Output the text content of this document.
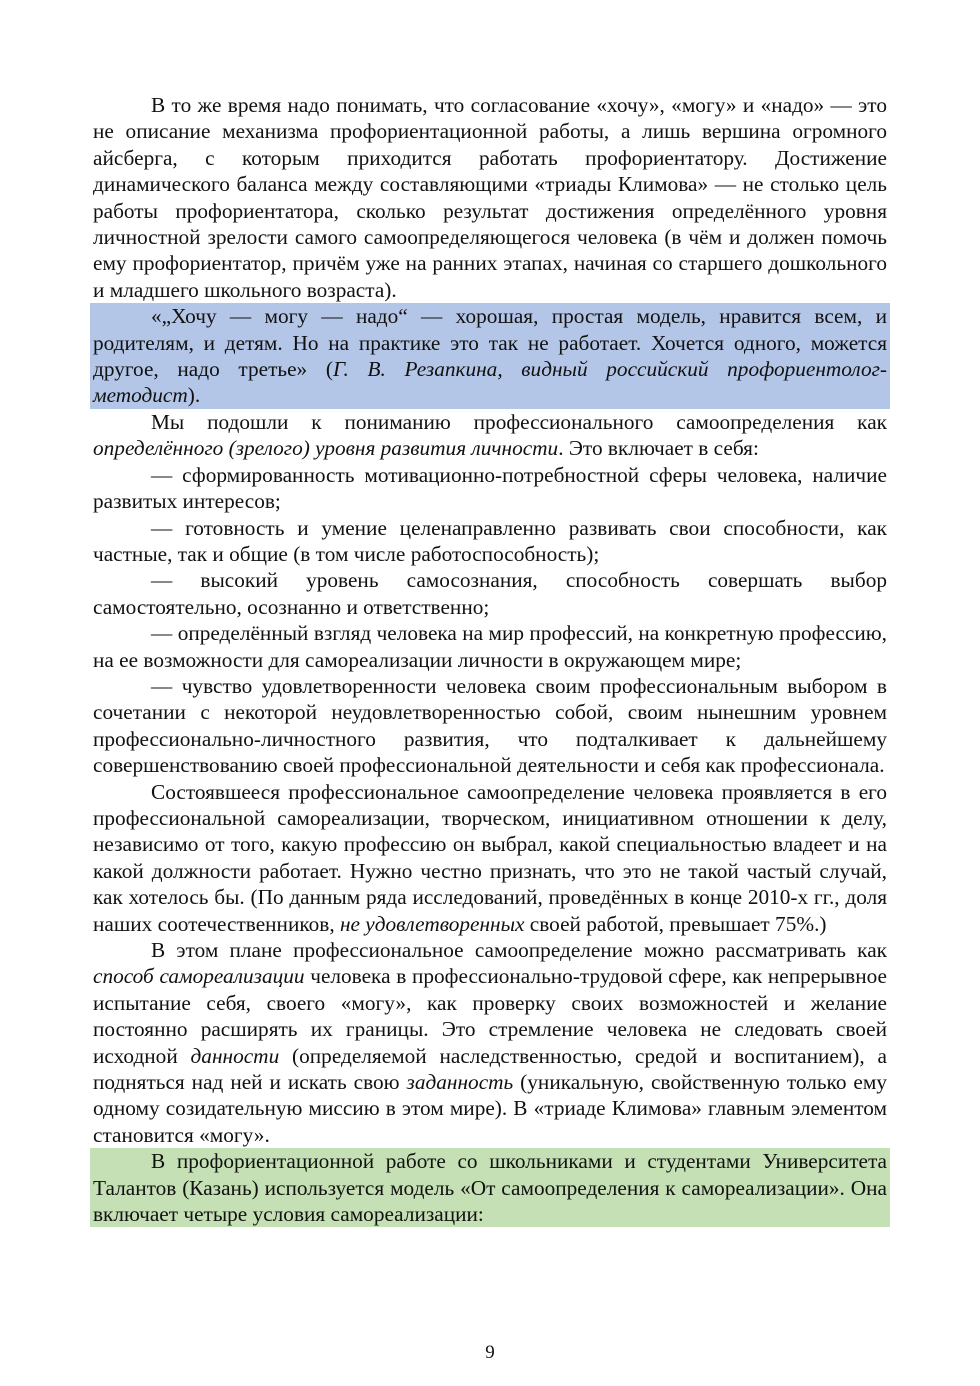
В то же время надо понимать, что согласование «хочу», «могу» и «надо» — это не описание механизма профориентационной работы, а лишь вершина огромного айсберга, с которым приходится работать профориентатору. Достижение динамического баланса между составляющими «триады Климова» — не столько цель работы профориентатора, сколько результат достижения определённого уровня личностной зрелости самого самоопределяющегося человека (в чём и должен помочь ему профориентатор, причём уже на ранних этапах, начиная со старшего дошкольного и младшего школьного возраста).

«„Хочу — могу — надо“ — хорошая, простая модель, нравится всем, и родителям, и детям. Но на практике это так не работает. Хочется одного, можется другое, надо третье» (Г. В. Резапкина, видный российский профориентолог-методист).

Мы подошли к пониманию профессионального самоопределения как определённого (зрелого) уровня развития личности. Это включает в себя:

— сформированность мотивационно-потребностной сферы человека, наличие развитых интересов;

— готовность и умение целенаправленно развивать свои способности, как частные, так и общие (в том числе работоспособность);

— высокий уровень самосознания, способность совершать выбор самостоятельно, осознанно и ответственно;

— определённый взгляд человека на мир профессий, на конкретную профессию, на ее возможности для самореализации личности в окружающем мире;

— чувство удовлетворенности человека своим профессиональным выбором в сочетании с некоторой неудовлетворенностью собой, своим нынешним уровнем профессионально-личностного развития, что подталкивает к дальнейшему совершенствованию своей профессиональной деятельности и себя как профессионала.

Состоявшееся профессиональное самоопределение человека проявляется в его профессиональной самореализации, творческом, инициативном отношении к делу, независимо от того, какую профессию он выбрал, какой специальностью владеет и на какой должности работает. Нужно честно признать, что это не такой частый случай, как хотелось бы. (По данным ряда исследований, проведённых в конце 2010-х гг., доля наших соотечественников, не удовлетворенных своей работой, превышает 75%.)

В этом плане профессиональное самоопределение можно рассматривать как способ самореализации человека в профессионально-трудовой сфере, как непрерывное испытание себя, своего «могу», как проверку своих возможностей и желание постоянно расширять их границы. Это стремление человека не следовать своей исходной данности (определяемой наследственностью, средой и воспитанием), а подняться над ней и искать свою заданность (уникальную, свойственную только ему одному созидательную миссию в этом мире). В «триаде Климова» главным элементом становится «могу».

В профориентационной работе со школьниками и студентами Университета Талантов (Казань) используется модель «От самоопределения к самореализации». Она включает четыре условия самореализации:

9
